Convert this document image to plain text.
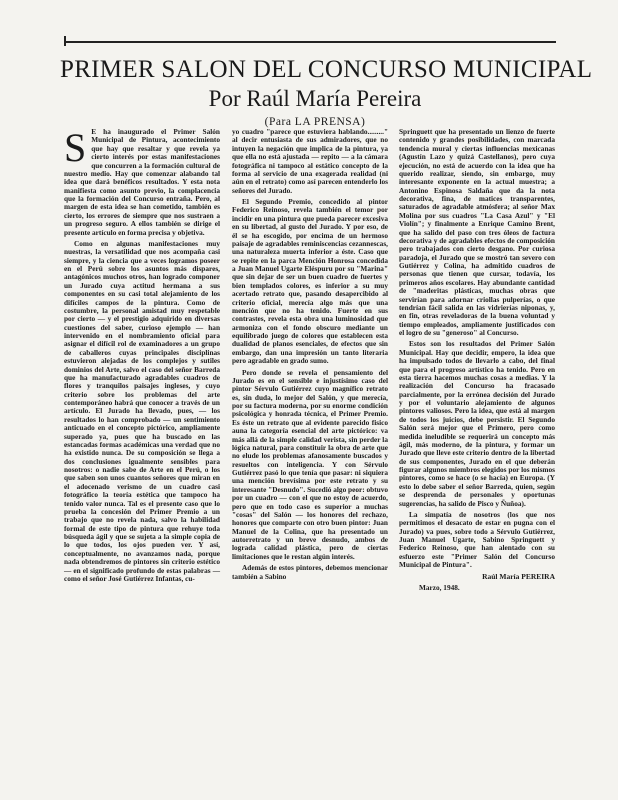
PRIMER SALON DEL CONCURSO MUNICIPAL
Por Raúl María Pereira
(Para LA PRENSA)

S E ha inaugurado el Primer Salón Municipal de Pintura, acontecimiento que hay que resaltar y que revela ya cierto interés por estas manifestaciones que concurren a la formación cultural de nuestro medio. Hay que comenzar alabando tal idea que dará benéficos resultados. Y esta nota manifiesta como asunto previo, la complacencia que la formación del Concurso entraña. Pero, al margen de esta idea se han cometido, también es cierto, los errores de siempre que nos sustraen a un progreso seguro. A ellos también se dirige el presente artículo en forma precisa y objetiva.

Como en algunas manifestaciones muy nuestras, la versatilidad que nos acompaña casi siempre, y la ciencia que a veces logramos poseer en el Perú sobre los asuntos más dispares, antagónicos muchos otros, han logrado componer un Jurado cuya actitud hermana a sus componentes en su casi total alejamiento de los difíciles campos de la pintura. Como de costumbre, la personal amistad muy respetable por cierto — y el prestigio adquirido en diversas cuestiones del saber, curioso ejemplo — han intervenido en el nombramiento oficial para asignar el difícil rol de examinadores a un grupo de caballeros cuyas principales disciplinas estuvieron alejadas de los complejos y sutiles dominios del Arte, salvo el caso del señor Barreda que ha manufacturado agradables cuadros de flores y tranquilos paisajes ingleses, y cuyo criterio sobre los problemas del arte contemporáneo habrá que conocer a través de un artículo. El Jurado ha llevado, pues, — los resultados lo han comprobado — un sentimiento anticuado en el concepto pictórico, ampliamente superado ya, pues que ha buscado en las estancadas formas académicas una verdad que no ha existido nunca. De su composición se llega a dos conclusiones igualmente sensibles para nosotros: o nadie sabe de Arte en el Perú, o los que saben son unos cuantos señores que miran en el adocenado verismo de un cuadro casi fotográfico la teoría estética que tampoco ha tenido valor nunca. Tal es el presente caso que lo prueba la concesión del Primer Premio a un trabajo que no revela nada, salvo la habilidad formal de este tipo de pintura que rehuye toda búsqueda ágil y que se sujeta a la simple copia de lo que todos, los ojos pueden ver. Y así, conceptualmente, no avanzamos nada, porque nada obtendremos de pintores sin criterio estético — en el significado profundo de estas palabras — como el señor José Gutiérrez Infantas, cu-

yo cuadro "parece que estuviera hablando........." al decir entusiasta de sus admiradores, que no intuyen la negación que implica de la pintura, ya que ella no está ajustada — repito — a la cámara fotográfica ni tampoco al estático concepto de la forma al servicio de una exagerada realidad (ni aún en el retrato) como así parecen entenderlo los señores del Jurado.

El Segundo Premio, concedido al pintor Federico Reinoso, revela también el temor por incidir en una pintura que pueda parecer excesiva en su libertad, al gusto del Jurado. Y por eso, de él se ha escogido, por encima de un hermoso paisaje de agradables reminiscencias cezannescas, una naturaleza muerta inferior a éste. Caso que se repite en la parca Mención Honrosa concedida a Juan Manuel Ugarte Eléspuru por su "Marina" que sin dejar de ser un buen cuadro de fuertes y bien templados colores, es inferior a su muy acertado retrato que, pasando desapercibido al criterio oficial, merecía algo más que una mención que no ha tenido. Fuerte en sus contrastes, revela esta obra una luminosidad que armoniza con el fondo obscuro mediante un equilibrado juego de colores que establecen esta dualidad de planos esenciales, de efectos que sin embargo, dan una impresión un tanto literaria pero agradable en grado sumo.

Pero donde se revela el pensamiento del Jurado es en el sensible e injustísimo caso del pintor Sérvulo Gutiérrez cuyo magnífico retrato es, sin duda, lo mejor del Salón, y que merecía, por su factura moderna, por su enorme condición psicológica y honrada técnica, el Primer Premio. Es éste un retrato que al evidente parecido fisico auna la categoría esencial del arte pictórico: va más allá de la simple calidad verista, sin perder la lógica natural, para constituir la obra de arte que no elude los problemas afanosamente buscados y resueltos con inteligencia. Y con Sérvulo Gutiérrez pasó lo que tenía que pasar: ni siquiera una mención brevísima por este retrato y su interesante "Desnudo". Sucedió algo peor: obtuvo por un cuadro — con el que no estoy de acuerdo, pero que en todo caso es superior a muchas "cosas" del Salón — los honores del rechazo, honores que comparte con otro buen pintor: Juan Manuel de la Colina, que ha presentado un autorretrato y un breve desnudo, ambos de lograda calidad plástica, pero de ciertas limitaciones que le restan algún interés.

Además de estos pintores, debemos mencionar también a Sabino

Springuett que ha presentado un lienzo de fuerte contenido y grandes posibilidades, con marcada tendencia mural y ciertas influencias mexicanas (Agustín Lazo y quizá Castellanos), pero cuya ejecución, no está de acuerdo con la idea que ha querido realizar, siendo, sin embargo, muy interesante exponente en la actual muestra; a Antonino Espinosa Saldaña que da la nota decorativa, fina, de matices transparentes, saturados de agradable atmósfera; al señor Max Molina por sus cuadros "La Casa Azul" y "El Violín"; y finalmente a Enrique Camino Brent, que ha salido del paso con tres óleos de factura decorativa y de agradables efectos de composición pero trabajados con cierto desgano. Por curiosa paradoja, el Jurado que se mostró tan severo con Gutiérrez y Colina, ha admitido cuadros de personas que tienen que cursar, todavía, los primeros años escolares. Hay abundante cantidad de "maderitas plásticas, muchas obras que servirían para adornar criollas pulperías, o que tendrían fácil salida en las vidrierías niponas, y, en fin, otras reveladoras de la buena voluntad y tiempo empleados, ampliamente justificados con el logro de su "generoso" al Concurso.

Estos son los resultados del Primer Salón Municipal. Hay que decidir, empero, la idea que ha impulsado todos de llevarlo a cabo, del final que para el progreso artístico ha tenido. Pero en esta tierra hacemos muchas cosas a medias. Y la realización del Concurso ha fracasado parcialmente, por la errónea decisión del Jurado y por el voluntario alejamiento de algunos pintores valiosos. Pero la idea, que está al margen de todos los juicios, debe persistir. El Segundo Salón será mejor que el Primero, pero como medida ineludible se requerirá un concepto más ágil, más moderno, de la pintura, y formar un Jurado que lleve este criterio dentro de la libertad de sus componentes, Jurado en el que deberán figurar algunos miembros elegidos por los mismos pintores, como se hace (o se hacía) en Europa. (Y esto lo debe saber el señor Barreda, quien, según se desprenda de personales y oportunas sugerencias, ha salido de Pisco y Ñuñoa).

La simpatía de nosotros (los que nos permitimos el desacato de estar en pugna con el Jurado) va pues, sobre todo a Sérvulo Gutiérrez, Juan Manuel Ugarte, Sabino Springuett y Federico Reinoso, que han alentado con su esfuerzo este "Primer Salón del Concurso Municipal de Pintura".

Raúl María PEREIRA

Marzo, 1948.
